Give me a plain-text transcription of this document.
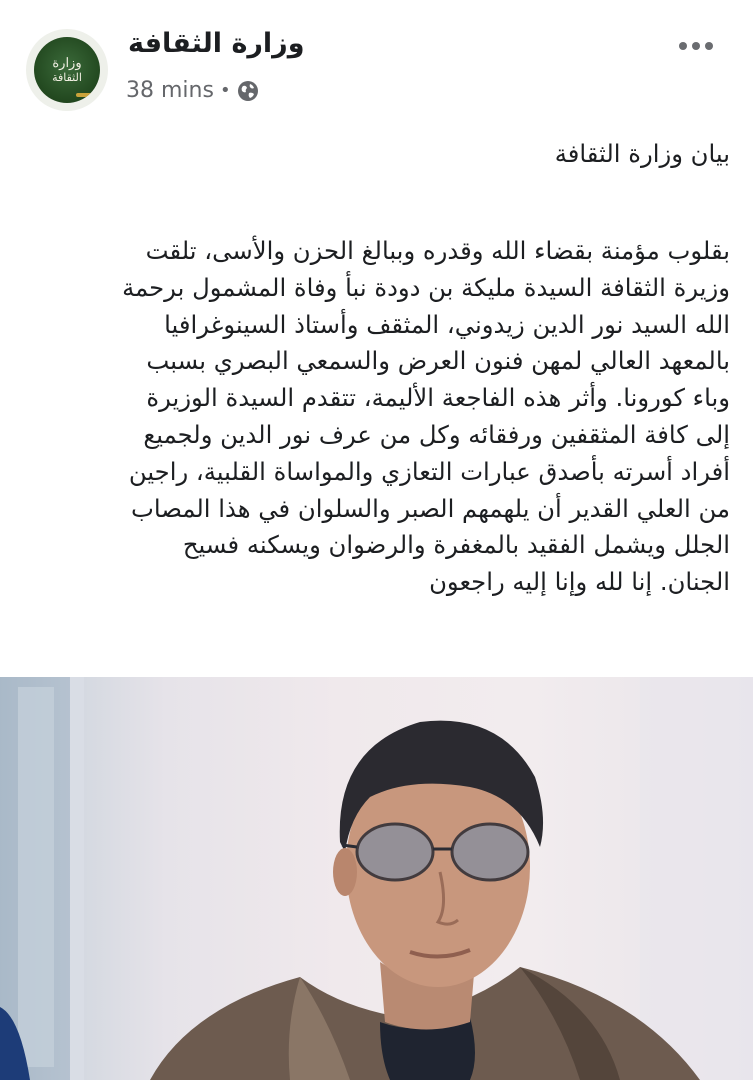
وزارة
الثقافة
وزارة الثقافة
38 mins •

بيان وزارة الثقافة

بقلوب مؤمنة بقضاء الله وقدره وببالغ الحزن والأسى، تلقت
وزيرة الثقافة السيدة مليكة بن دودة نبأ وفاة المشمول برحمة
الله السيد نور الدين زيدوني، المثقف وأستاذ السينوغرافيا
بالمعهد العالي لمهن فنون العرض والسمعي البصري بسبب
وباء كورونا. وأثر هذه الفاجعة الأليمة، تتقدم السيدة الوزيرة
إلى كافة المثقفين ورفقائه وكل من عرف نور الدين ولجميع
أفراد أسرته بأصدق عبارات التعازي والمواساة القلبية، راجين
من العلي القدير أن يلهمهم الصبر والسلوان في هذا المصاب
الجلل ويشمل الفقيد بالمغفرة والرضوان ويسكنه فسيح
الجنان. إنا لله وإنا إليه راجعون
